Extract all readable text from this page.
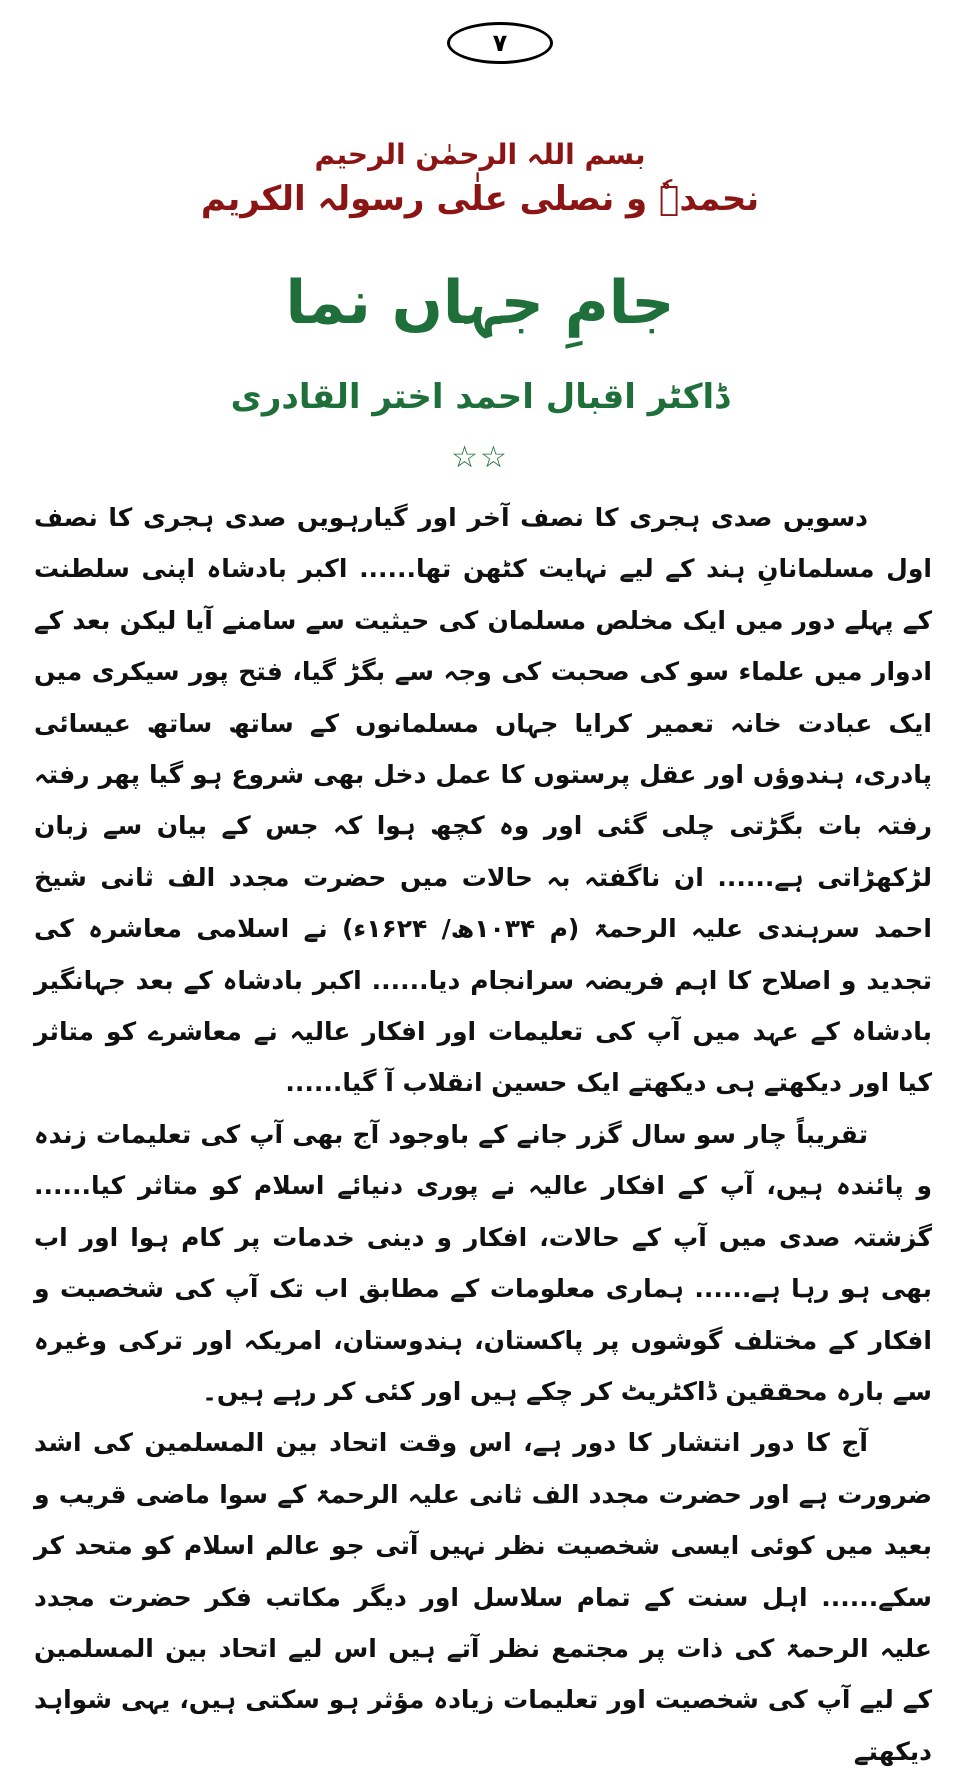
۷
بسم اللہ الرحمٰن الرحیم
نحمدہٗ و نصلی علٰی رسولہ الکریم
جامِ جہاں نما
ڈاکٹر اقبال احمد اختر القادری
☆☆

دسویں صدی ہجری کا نصف آخر اور گیارہویں صدی ہجری کا نصف اول مسلمانانِ ہند کے لیے نہایت کٹھن تھا...... اکبر بادشاہ اپنی سلطنت کے پہلے دور میں ایک مخلص مسلمان کی حیثیت سے سامنے آیا لیکن بعد کے ادوار میں علماء سو کی صحبت کی وجہ سے بگڑ گیا، فتح پور سیکری میں ایک عبادت خانہ تعمیر کرایا جہاں مسلمانوں کے ساتھ ساتھ عیسائی پادری، ہندوؤں اور عقل پرستوں کا عمل دخل بھی شروع ہو گیا پھر رفتہ رفتہ بات بگڑتی چلی گئی اور وہ کچھ ہوا کہ جس کے بیان سے زبان لڑکھڑاتی ہے...... ان ناگفتہ بہ حالات میں حضرت مجدد الف ثانی شیخ احمد سرہندی علیہ الرحمۃ (م ۱۰۳۴ھ/ ۱۶۲۴ء) نے اسلامی معاشرہ کی تجدید و اصلاح کا اہم فریضہ سرانجام دیا...... اکبر بادشاہ کے بعد جہانگیر بادشاہ کے عہد میں آپ کی تعلیمات اور افکار عالیہ نے معاشرے کو متاثر کیا اور دیکھتے ہی دیکھتے ایک حسین انقلاب آ گیا......

تقریباً چار سو سال گزر جانے کے باوجود آج بھی آپ کی تعلیمات زندہ و پائندہ ہیں، آپ کے افکار عالیہ نے پوری دنیائے اسلام کو متاثر کیا...... گزشتہ صدی میں آپ کے حالات، افکار و دینی خدمات پر کام ہوا اور اب بھی ہو رہا ہے...... ہماری معلومات کے مطابق اب تک آپ کی شخصیت و افکار کے مختلف گوشوں پر پاکستان، ہندوستان، امریکہ اور ترکی وغیرہ سے بارہ محققین ڈاکٹریٹ کر چکے ہیں اور کئی کر رہے ہیں۔

آج کا دور انتشار کا دور ہے، اس وقت اتحاد بین المسلمین کی اشد ضرورت ہے اور حضرت مجدد الف ثانی علیہ الرحمۃ کے سوا ماضی قریب و بعید میں کوئی ایسی شخصیت نظر نہیں آتی جو عالم اسلام کو متحد کر سکے...... اہل سنت کے تمام سلاسل اور دیگر مکاتب فکر حضرت مجدد علیہ الرحمۃ کی ذات پر مجتمع نظر آتے ہیں اس لیے اتحاد بین المسلمین کے لیے آپ کی شخصیت اور تعلیمات زیادہ مؤثر ہو سکتی ہیں، یہی شواہد دیکھتے
